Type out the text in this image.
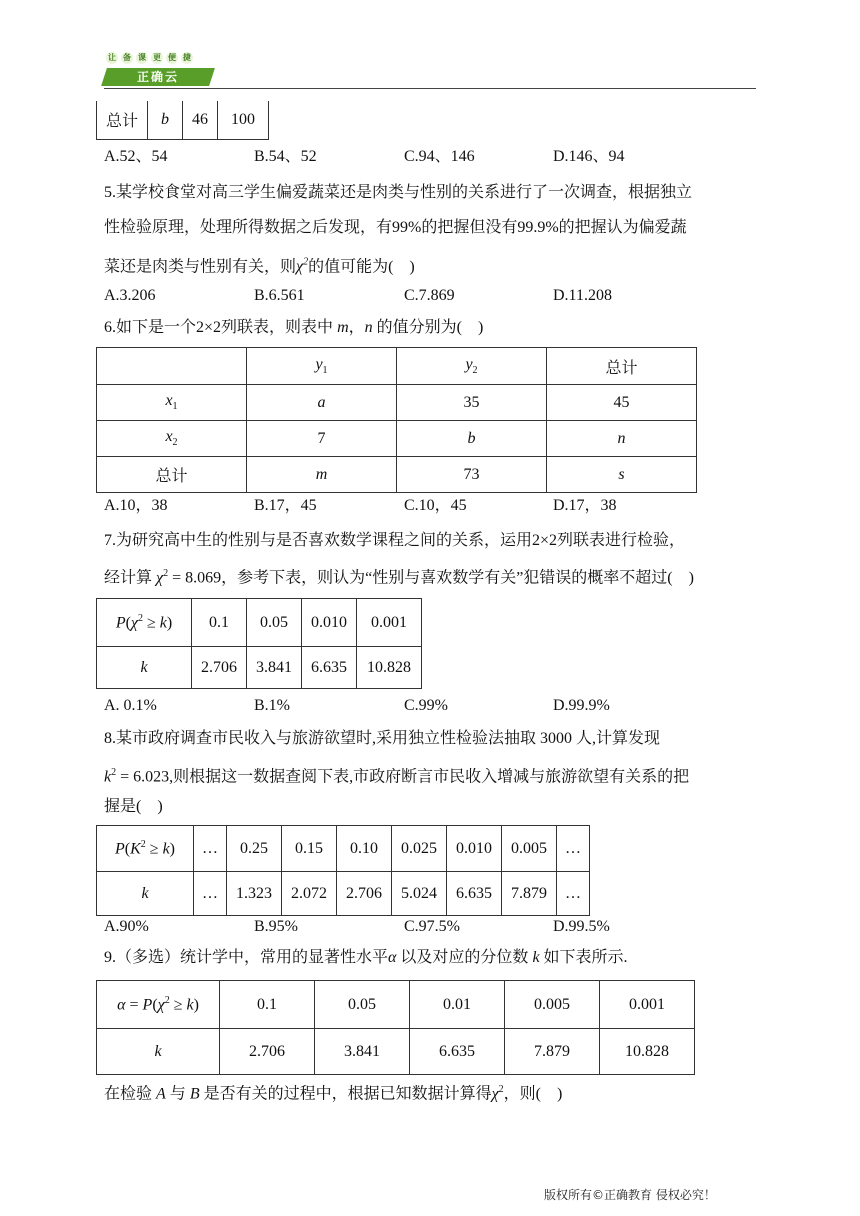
让 备 课 更 便 捷
正确云
总计	b	46	100
A.52、54	B.54、52	C.94、146	D.146、94
5.某学校食堂对高三学生偏爱蔬菜还是肉类与性别的关系进行了一次调查，根据独立
性检验原理，处理所得数据之后发现，有99%的把握但没有99.9%的把握认为偏爱蔬
菜还是肉类与性别有关，则$\chi^2$的值可能为(　)
A.3.206	B.6.561	C.7.869	D.11.208
6.如下是一个2×2列联表，则表中 m，n 的值分别为(　)
	$y_1$	$y_2$	总计
$x_1$	a	35	45
$x_2$	7	b	n
总计	m	73	s
A.10，38	B.17，45	C.10，45	D.17，38
7.为研究高中生的性别与是否喜欢数学课程之间的关系，运用2×2列联表进行检验，
经计算 $\chi^2 = 8.069$，参考下表，则认为“性别与喜欢数学有关”犯错误的概率不超过(　)
$P(\chi^2 \ge k)$	0.1	0.05	0.010	0.001
k	2.706	3.841	6.635	10.828
A. 0.1%	B.1%	C.99%	D.99.9%
8.某市政府调查市民收入与旅游欲望时,采用独立性检验法抽取 3000 人,计算发现
$k^2 = 6.023$,则根据这一数据查阅下表,市政府断言市民收入增减与旅游欲望有关系的把
握是(　)
$P(K^2 \ge k)$	…	0.25	0.15	0.10	0.025	0.010	0.005	…
k	…	1.323	2.072	2.706	5.024	6.635	7.879	…
A.90%	B.95%	C.97.5%	D.99.5%
9.（多选）统计学中，常用的显著性水平α 以及对应的分位数 k 如下表所示.
$\alpha = P(\chi^2 \ge k)$	0.1	0.05	0.01	0.005	0.001
k	2.706	3.841	6.635	7.879	10.828
在检验 A 与 B 是否有关的过程中，根据已知数据计算得$\chi^2$，则(　)
版权所有©正确教育 侵权必究！
